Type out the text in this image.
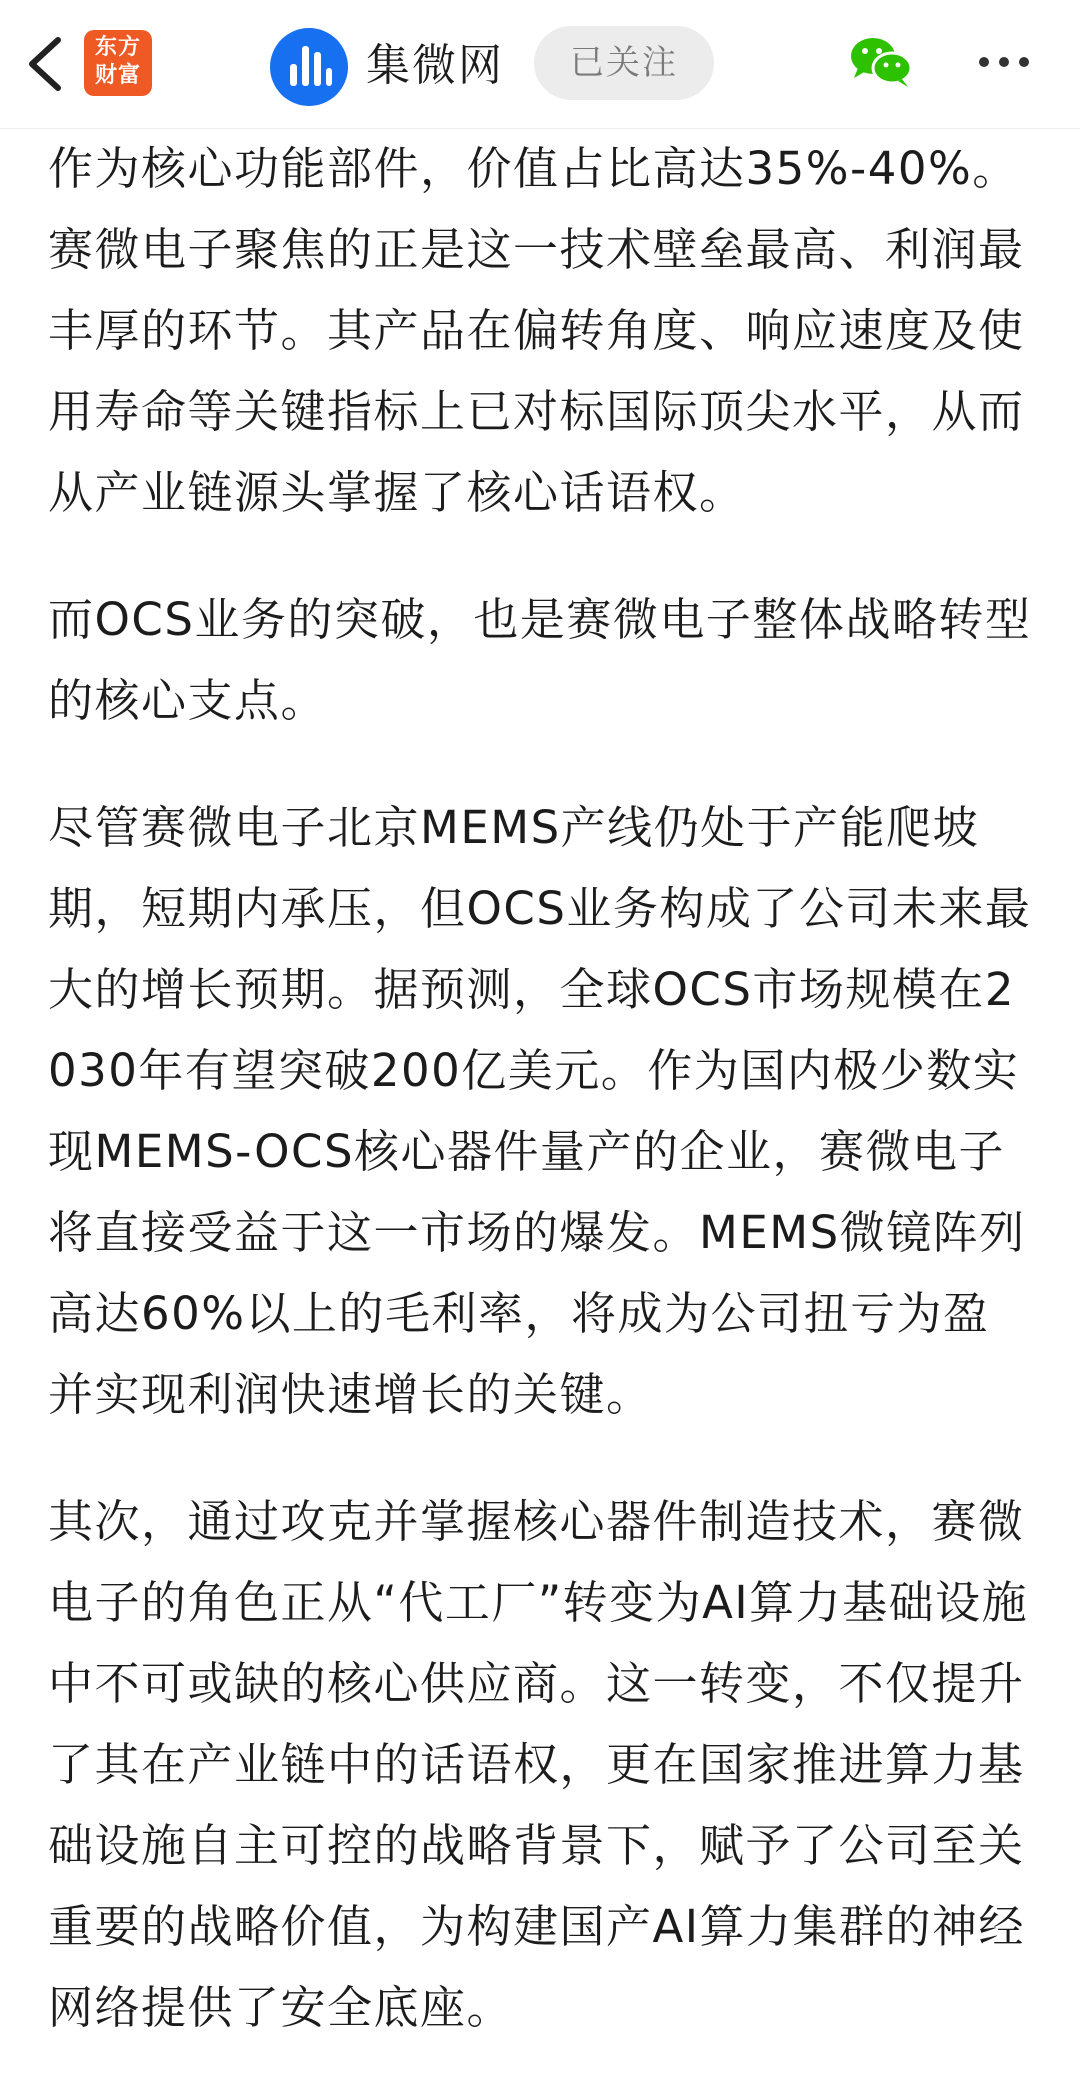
东方
财富	集微网	已关注

作为核心功能部件，价值占比高达35%-40%。赛微电子聚焦的正是这一技术壁垒最高、利润最丰厚的环节。其产品在偏转角度、响应速度及使用寿命等关键指标上已对标国际顶尖水平，从而从产业链源头掌握了核心话语权。

而OCS业务的突破，也是赛微电子整体战略转型的核心支点。

尽管赛微电子北京MEMS产线仍处于产能爬坡期，短期内承压，但OCS业务构成了公司未来最大的增长预期。据预测，全球OCS市场规模在2030年有望突破200亿美元。作为国内极少数实现MEMS-OCS核心器件量产的企业，赛微电子将直接受益于这一市场的爆发。MEMS微镜阵列高达60%以上的毛利率，将成为公司扭亏为盈并实现利润快速增长的关键。

其次，通过攻克并掌握核心器件制造技术，赛微电子的角色正从“代工厂”转变为AI算力基础设施中不可或缺的核心供应商。这一转变，不仅提升了其在产业链中的话语权，更在国家推进算力基础设施自主可控的战略背景下，赋予了公司至关重要的战略价值，为构建国产AI算力集群的神经网络提供了安全底座。
